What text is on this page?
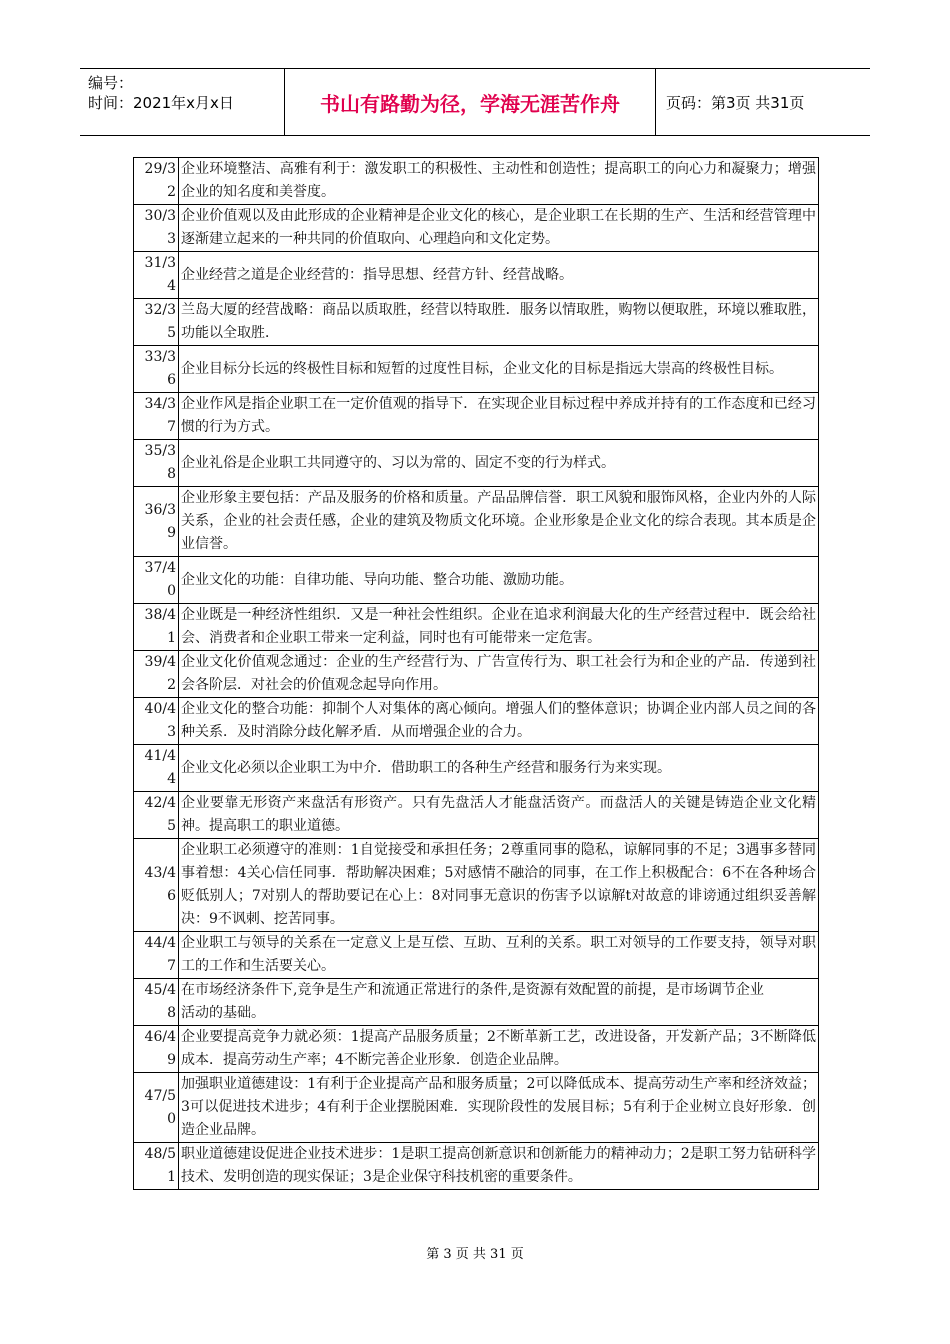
编号：
时间：2021年x月x日	书山有路勤为径，学海无涯苦作舟	页码：第3页 共31页
29/32	企业环境整洁、高雅有利于：激发职工的积极性、主动性和创造性；提高职工的向心力和凝聚力；增强企业的知名度和美誉度。
30/33	企业价值观以及由此形成的企业精神是企业文化的核心，是企业职工在长期的生产、生活和经营管理中逐渐建立起来的一种共同的价值取向、心理趋向和文化定势。
31/34	企业经营之道是企业经营的：指导思想、经营方针、经营战略。
32/35	兰岛大厦的经营战略：商品以质取胜，经营以特取胜．服务以情取胜，购物以便取胜，环境以雅取胜，功能以全取胜．
33/36	企业目标分长远的终极性目标和短暂的过度性目标，企业文化的目标是指远大崇高的终极性目标。
34/37	企业作风是指企业职工在一定价值观的指导下．在实现企业目标过程中养成并持有的工作态度和已经习惯的行为方式。
35/38	企业礼俗是企业职工共同遵守的、习以为常的、固定不变的行为样式。
36/39	企业形象主要包括：产品及服务的价格和质量。产品品牌信誉．职工风貌和服饰风格，企业内外的人际关系，企业的社会责任感，企业的建筑及物质文化环境。企业形象是企业文化的综合表现。其本质是企业信誉。
37/40	企业文化的功能：自律功能、导向功能、整合功能、激励功能。
38/41	企业既是一种经济性组织．又是一种社会性组织。企业在追求利润最大化的生产经营过程中．既会给社会、消费者和企业职工带来一定利益，同时也有可能带来一定危害。
39/42	企业文化价值观念通过：企业的生产经营行为、广告宣传行为、职工社会行为和企业的产品．传递到社会各阶层．对社会的价值观念起导向作用。
40/43	企业文化的整合功能：抑制个人对集体的离心倾向。增强人们的整体意识；协调企业内部人员之间的各种关系．及时消除分歧化解矛盾．从而增强企业的合力。
41/44	企业文化必须以企业职工为中介．借助职工的各种生产经营和服务行为来实现。
42/45	企业要靠无形资产来盘活有形资产。只有先盘活人才能盘活资产。而盘活人的关键是铸造企业文化精神。提高职工的职业道德。
43/46	企业职工必须遵守的准则：1自觉接受和承担任务；2尊重同事的隐私，谅解同事的不足；3遇事多替同事着想：4关心信任同事．帮助解决困难；5对感情不融洽的同事，在工作上积极配合：6不在各种场合贬低别人；7对别人的帮助要记在心上：8对同事无意识的伤害予以谅解t对故意的诽谤通过组织妥善解决：9不讽刺、挖苦同事。
44/47	企业职工与领导的关系在一定意义上是互偿、互助、互利的关系。职工对领导的工作要支持，领导对职工的工作和生活要关心。
45/48	在市场经济条件下,竞争是生产和流通正常进行的条件,是资源有效配置的前提，是市场调节企业
活动的基础。
46/49	企业要提高竞争力就必须：1提高产品服务质量；2不断革新工艺，改进设备，开发新产品；3不断降低成本．提高劳动生产率；4不断完善企业形象．创造企业品牌。
47/50	加强职业道德建设：1有利于企业提高产品和服务质量；2可以降低成本、提高劳动生产率和经济效益；3可以促进技术进步；4有利于企业摆脱困难．实现阶段性的发展目标；5有利于企业树立良好形象．创造企业品牌。
48/51	职业道德建设促进企业技术进步：1是职工提高创新意识和创新能力的精神动力；2是职工努力钻研科学技术、发明创造的现实保证；3是企业保守科技机密的重要条件。
第 3 页 共 31 页
